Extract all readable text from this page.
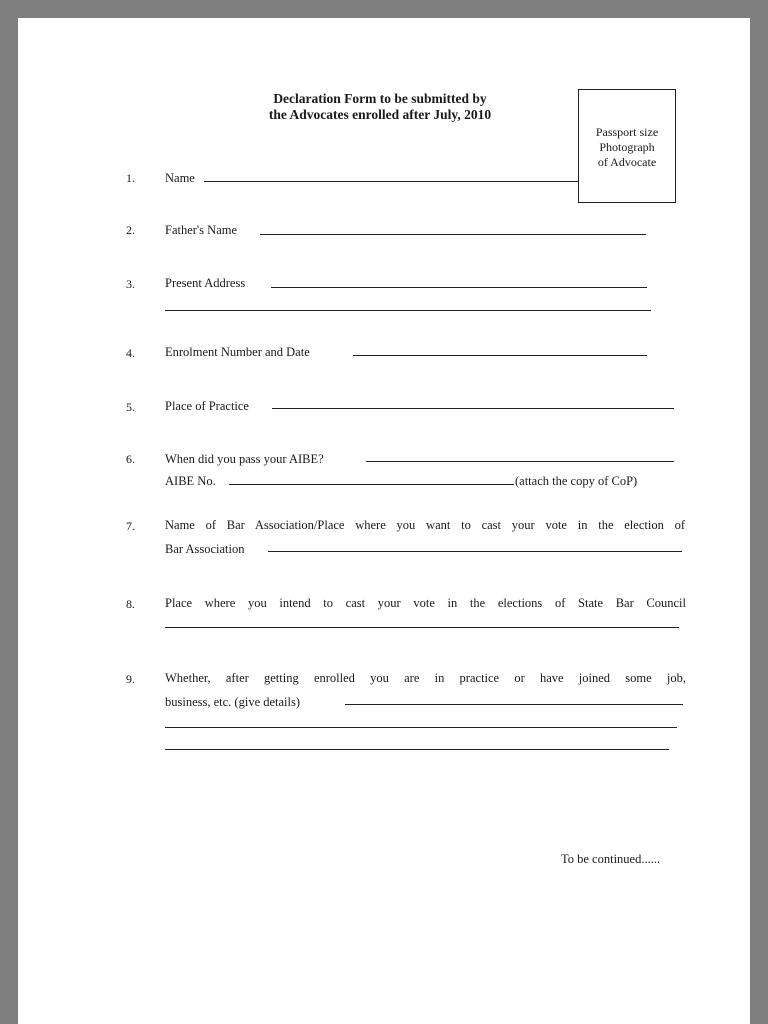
Declaration Form to be submitted by
the Advocates enrolled after July, 2010
Passport size
Photograph
of Advocate
1. Name
2. Father's Name
3. Present Address
4. Enrolment Number and Date
5. Place of Practice
6. When did you pass your AIBE?
AIBE No.	(attach the copy of CoP)
7. Name of Bar Association/Place where you want to cast your vote in the election of
Bar Association
8. Place where you intend to cast your vote in the elections of State Bar Council
9. Whether, after getting enrolled you are in practice or have joined some job,
business, etc. (give details)
To be continued......
